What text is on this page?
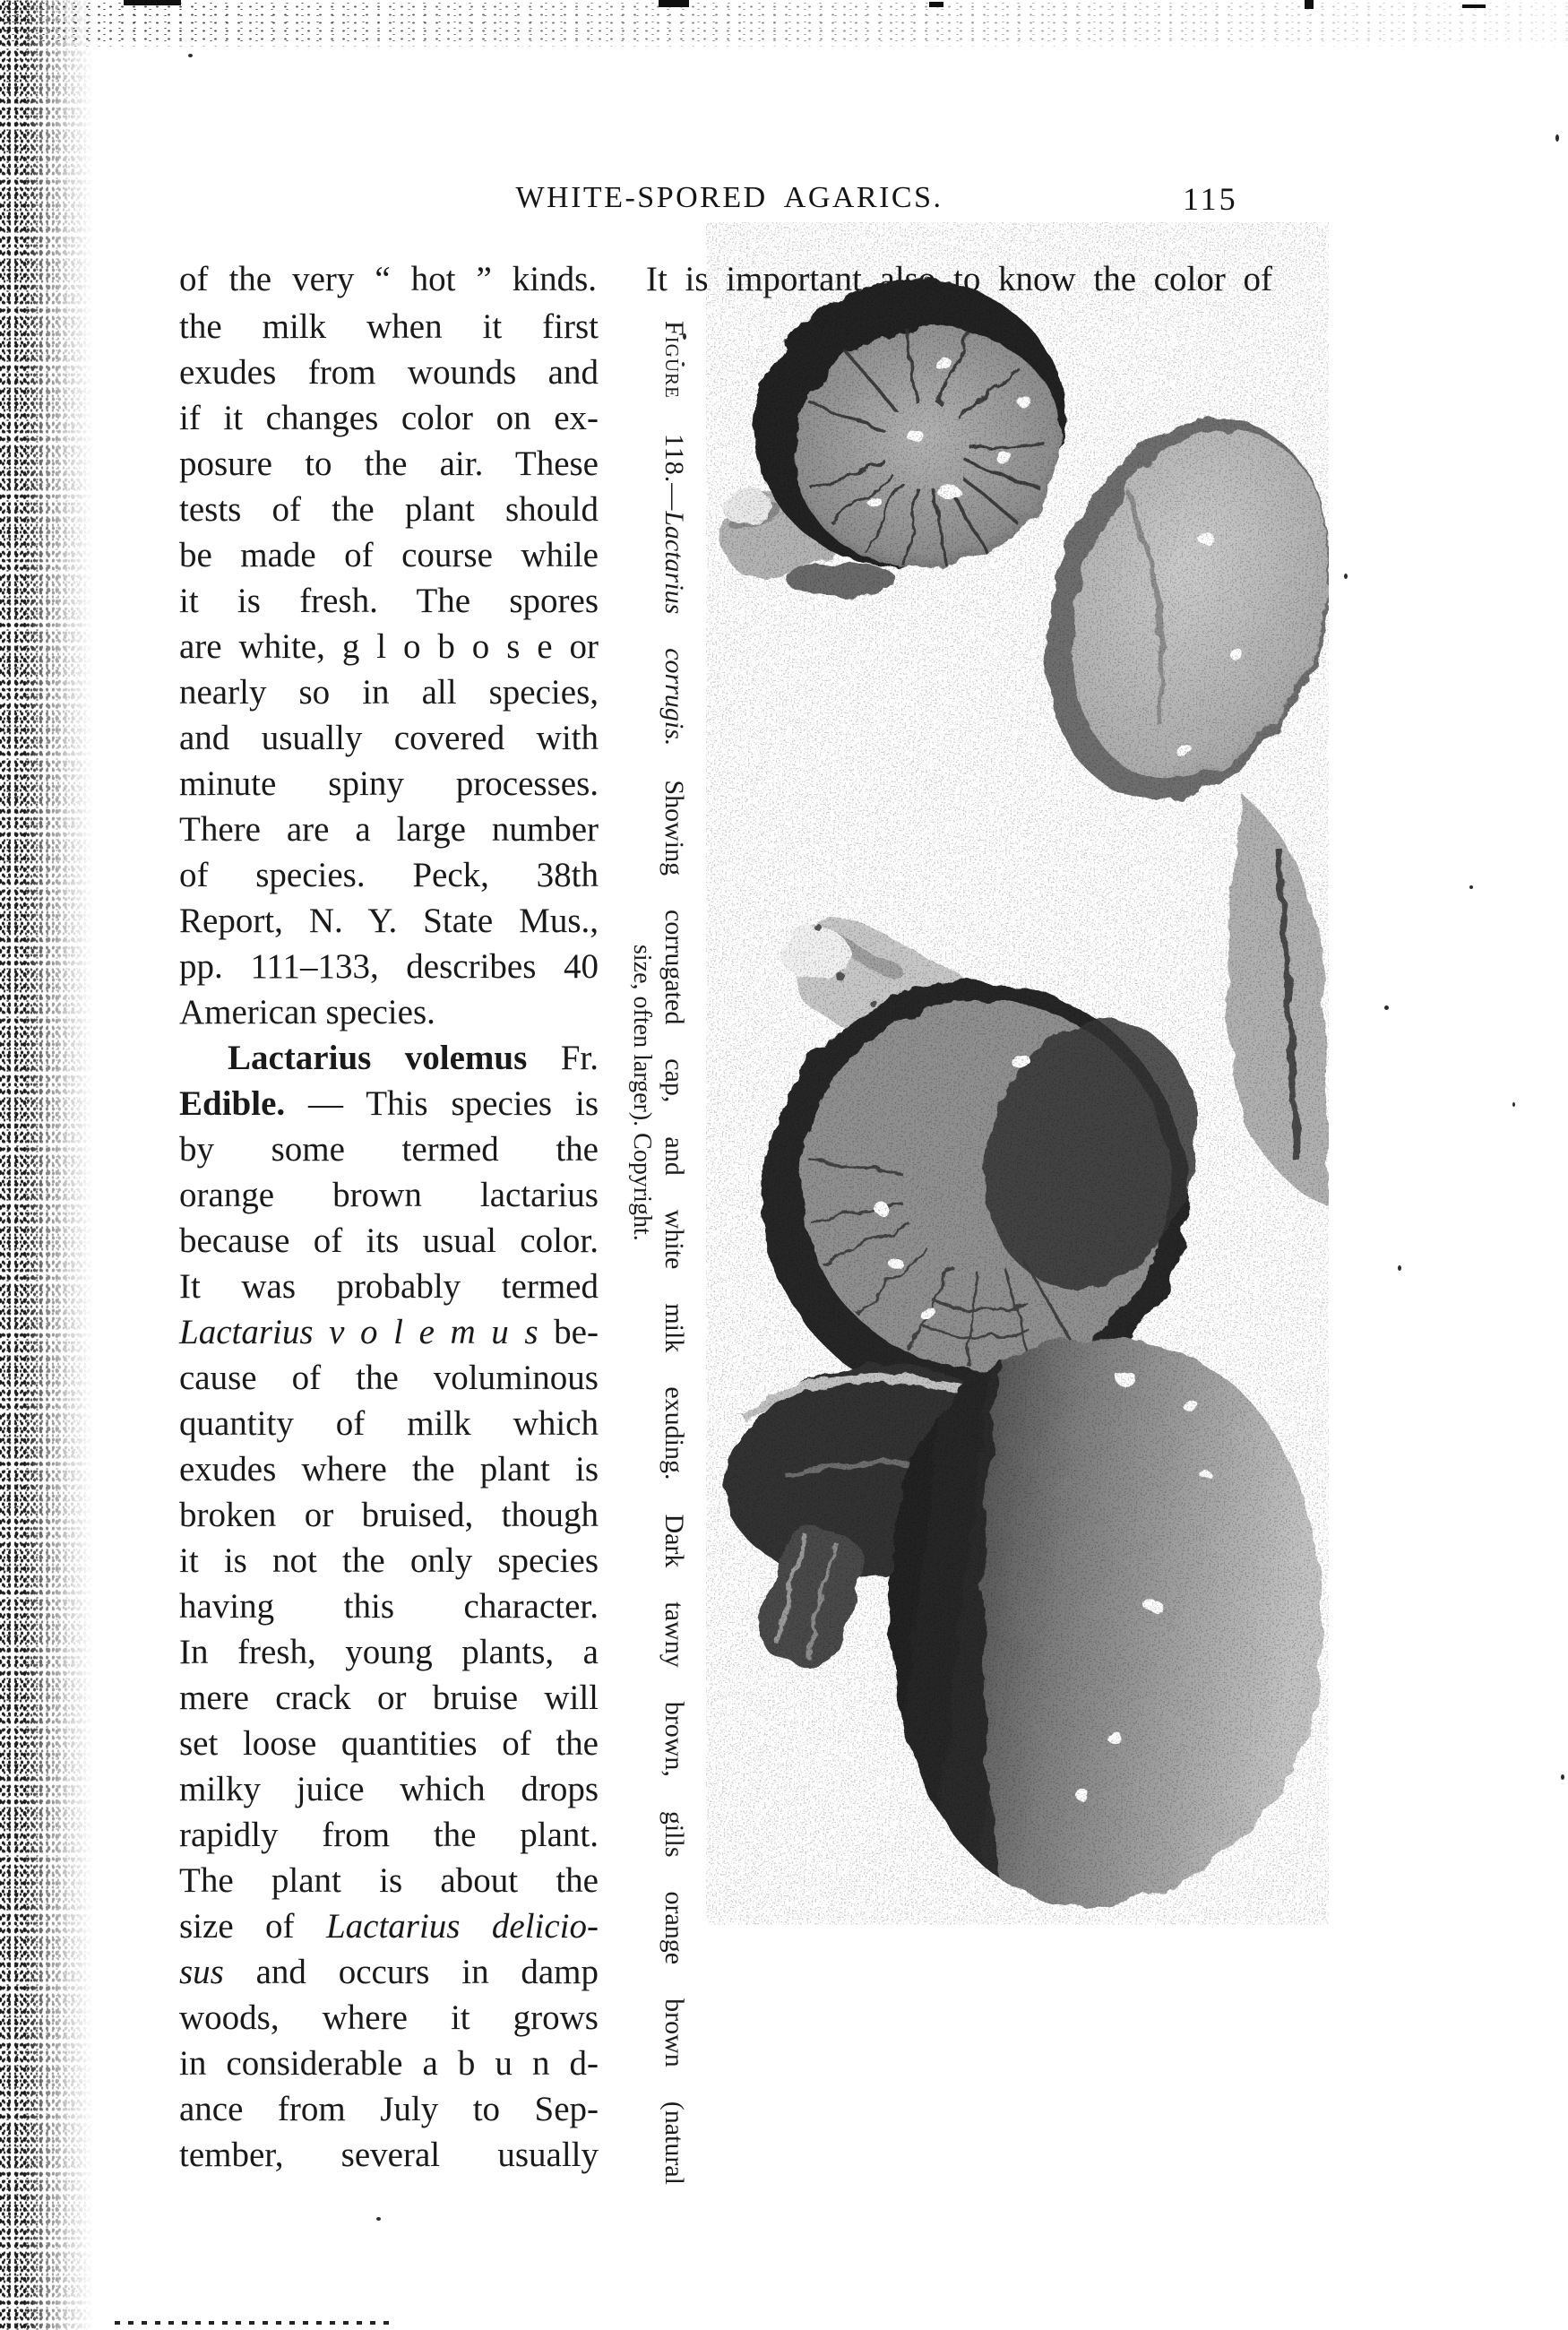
WHITE-SPORED AGARICS.	115
of the very “ hot ” kinds. It is important also to know the color of
the milk when it first
exudes from wounds and
if it changes color on ex-
posure to the air. These
tests of the plant should
be made of course while
it is fresh. The spores
are white, g l o b o s e or
nearly so in all species,
and usually covered with
minute spiny processes.
There are a large number
of species. Peck, 38th
Report, N. Y. State Mus.,
pp. 111–133, describes 40
American species.
Lactarius volemus Fr.
Edible. — This species is
by some termed the
orange brown lactarius
because of its usual color.
It was probably termed
Lactarius v o l e m u s be-
cause of the voluminous
quantity of milk which
exudes where the plant is
broken or bruised, though
it is not the only species
having this character.
In fresh, young plants, a
mere crack or bruise will
set loose quantities of the
milky juice which drops
rapidly from the plant.
The plant is about the
size of Lactarius delicio-
sus and occurs in damp
woods, where it grows
in considerable a b u n d-
ance from July to Sep-
tember, several usually
Figure 118.—Lactarius corrugis. Showing corrugated cap, and white milk exuding. Dark tawny brown, gills orange brown (natural
size, often larger). Copyright.
